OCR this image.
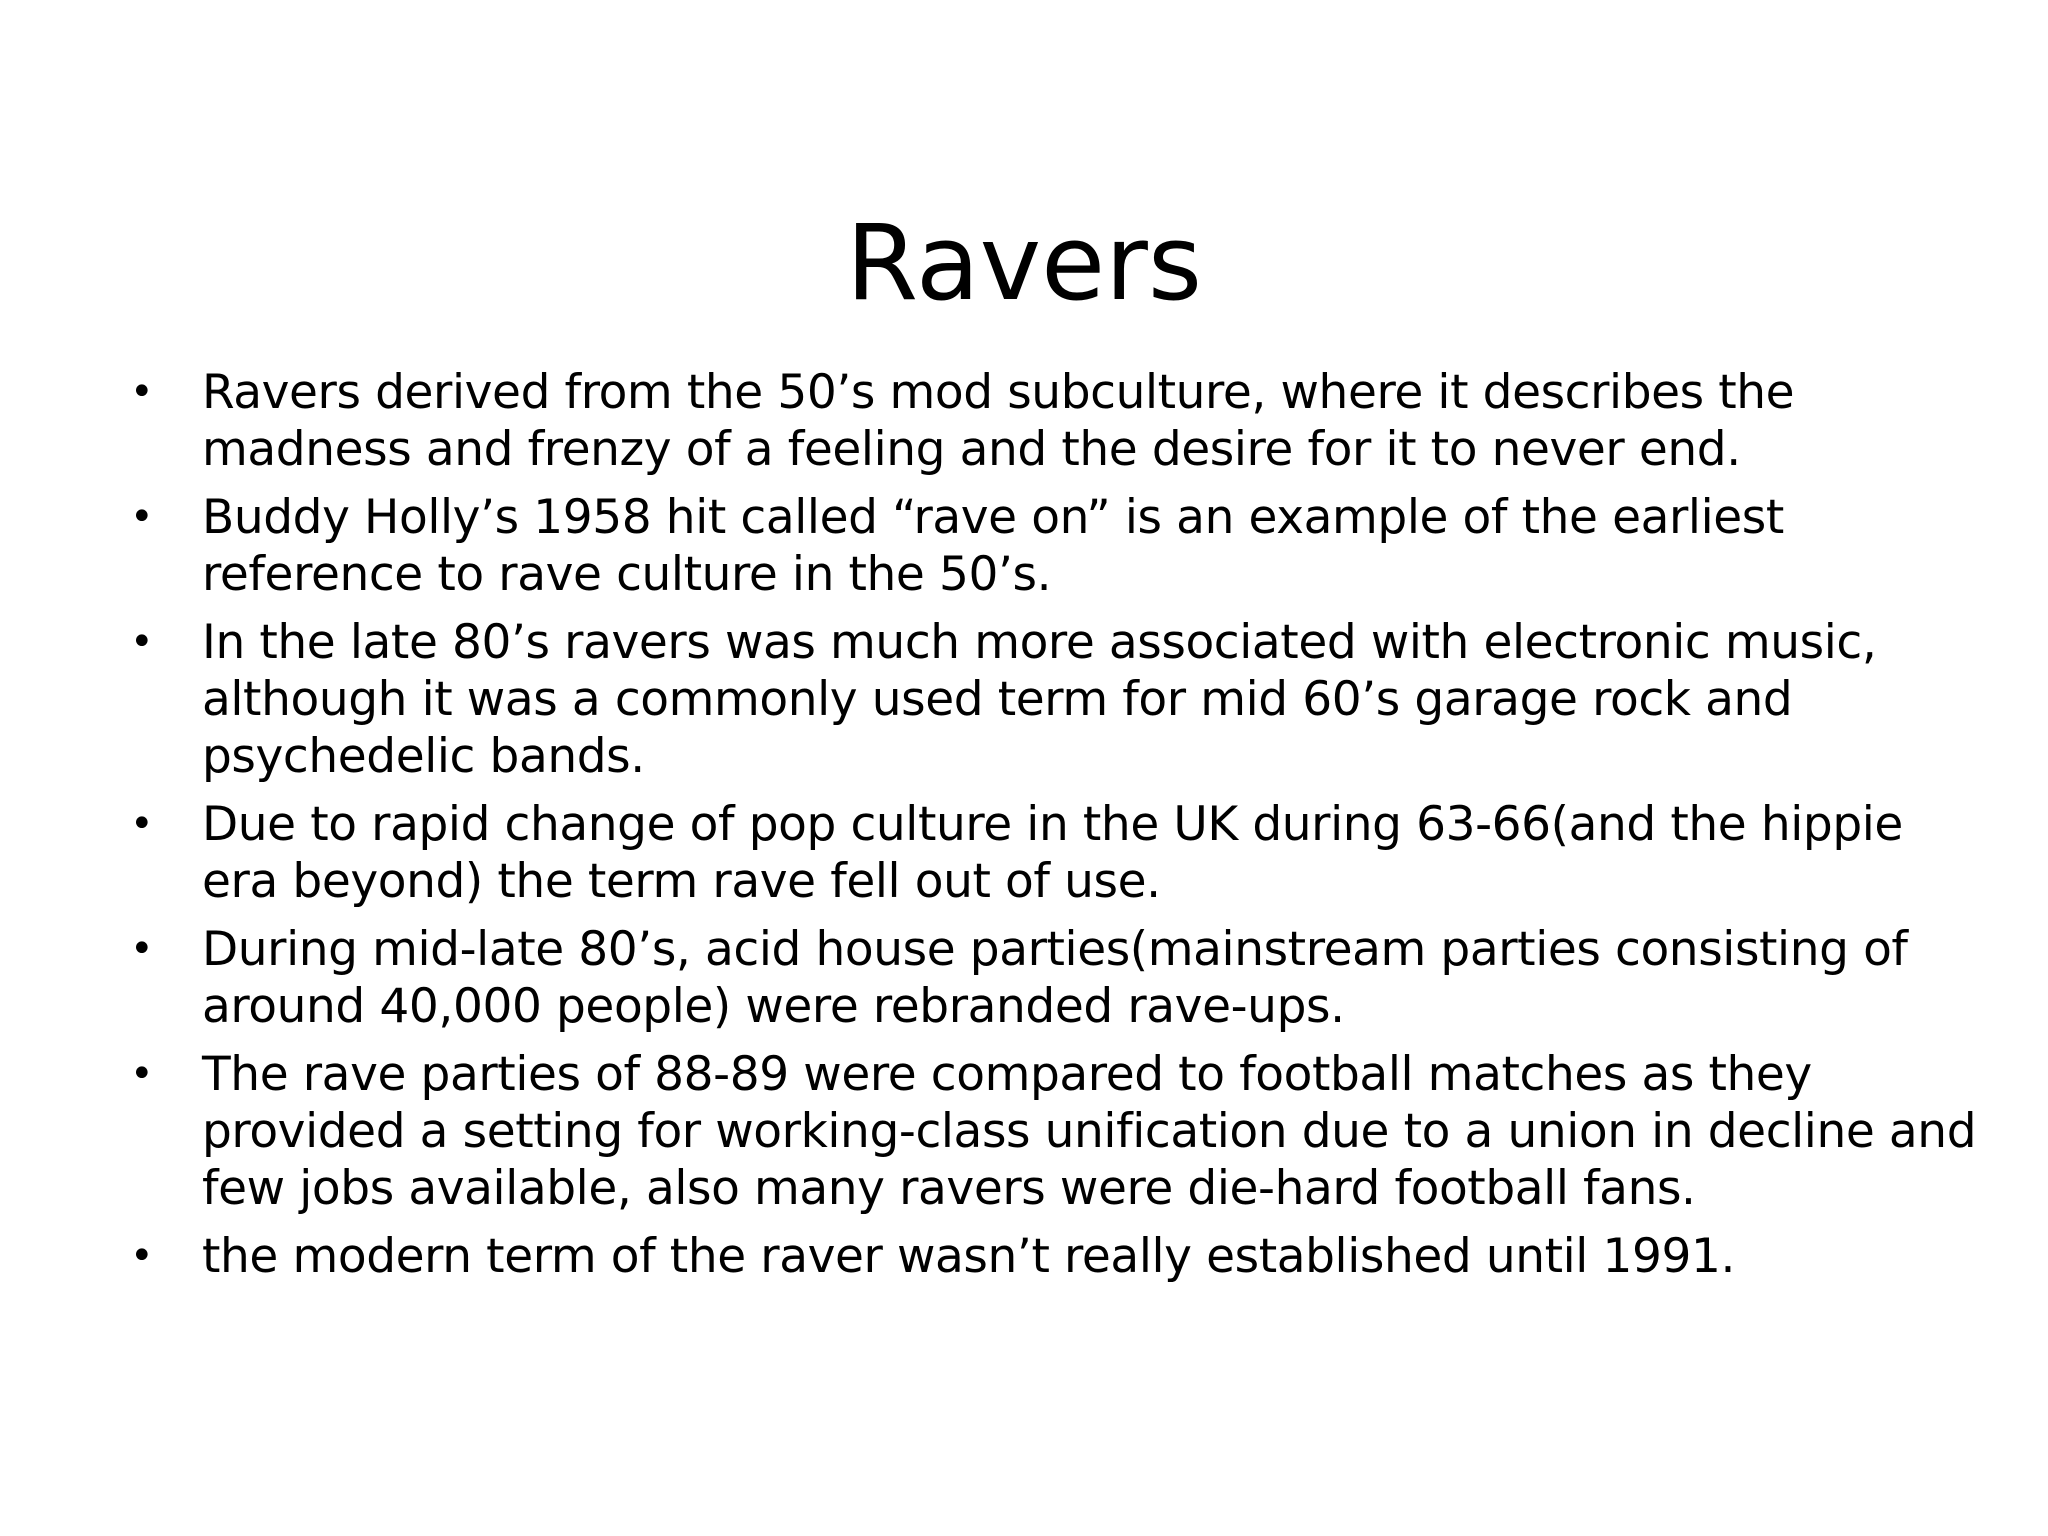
Ravers
•	Ravers derived from the 50’s mod subculture, where it describes the madness and frenzy of a feeling and the desire for it to never end.
•	Buddy Holly’s 1958 hit called “rave on” is an example of the earliest reference to rave culture in the 50’s.
•	In the late 80’s ravers was much more associated with electronic music, although it was a commonly used term for mid 60’s garage rock and psychedelic bands.
•	Due to rapid change of pop culture in the UK during 63-66(and the hippie era beyond) the term rave fell out of use.
•	During mid-late 80’s, acid house parties(mainstream parties consisting of around 40,000 people) were rebranded rave-ups.
•	The rave parties of 88-89 were compared to football matches as they provided a setting for working-class unification due to a union in decline and few jobs available, also many ravers were die-hard football fans.
•	the modern term of the raver wasn’t really established until 1991.
